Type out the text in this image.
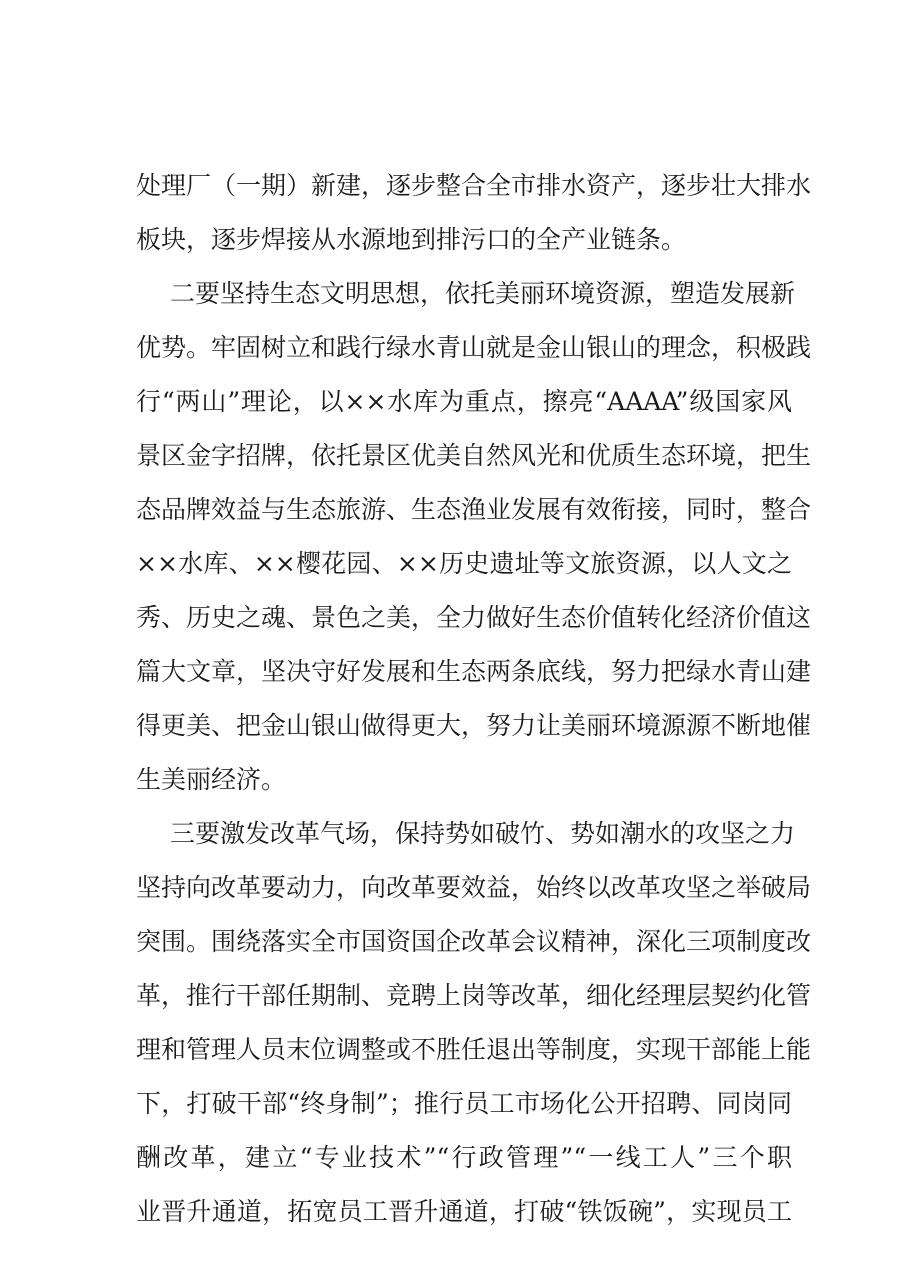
处理厂（一期）新建，逐步整合全市排水资产，逐步壮大排水
板块，逐步焊接从水源地到排污口的全产业链条。
二要坚持生态文明思想，依托美丽环境资源，塑造发展新
优势。牢固树立和践行绿水青山就是金山银山的理念，积极践
行“两山”理论，以××水库为重点，擦亮“AAAA”级国家风
景区金字招牌，依托景区优美自然风光和优质生态环境，把生
态品牌效益与生态旅游、生态渔业发展有效衔接，同时，整合
××水库、××樱花园、××历史遗址等文旅资源，以人文之
秀、历史之魂、景色之美，全力做好生态价值转化经济价值这
篇大文章，坚决守好发展和生态两条底线，努力把绿水青山建
得更美、把金山银山做得更大，努力让美丽环境源源不断地催
生美丽经济。
三要激发改革气场，保持势如破竹、势如潮水的攻坚之力
坚持向改革要动力，向改革要效益，始终以改革攻坚之举破局
突围。围绕落实全市国资国企改革会议精神，深化三项制度改
革，推行干部任期制、竞聘上岗等改革，细化经理层契约化管
理和管理人员末位调整或不胜任退出等制度，实现干部能上能
下，打破干部“终身制”；推行员工市场化公开招聘、同岗同
酬改革，建立“专业技术”“行政管理”“一线工人”三个职
业晋升通道，拓宽员工晋升通道，打破“铁饭碗”，实现员工
